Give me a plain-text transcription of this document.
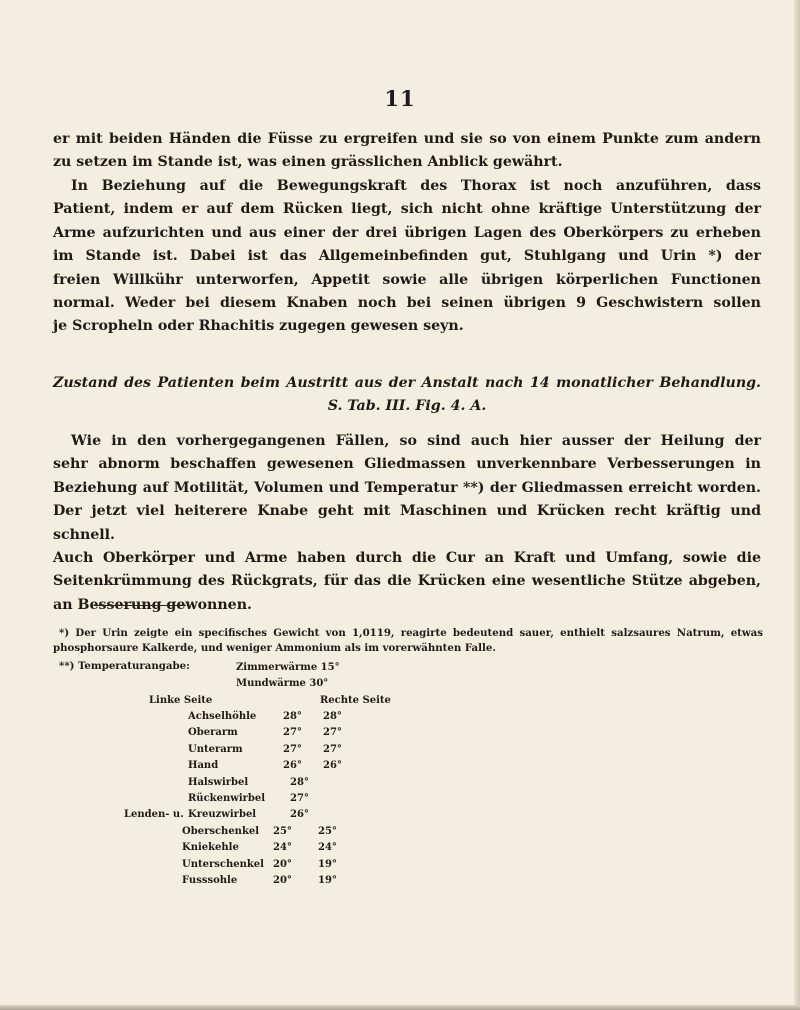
11

er mit beiden Händen die Füsse zu ergreifen und sie so von einem Punkte zum andern

zu setzen im Stande ist, was einen grässlichen Anblick gewährt.

In Beziehung auf die Bewegungskraft des Thorax ist noch anzuführen, dass

Patient, indem er auf dem Rücken liegt, sich nicht ohne kräftige Unterstützung der

Arme aufzurichten und aus einer der drei übrigen Lagen des Oberkörpers zu erheben

im Stande ist. Dabei ist das Allgemeinbefinden gut, Stuhlgang und Urin *) der

freien Willkühr unterworfen, Appetit sowie alle übrigen körperlichen Functionen

normal. Weder bei diesem Knaben noch bei seinen übrigen 9 Geschwistern sollen

je Scropheln oder Rhachitis zugegen gewesen seyn.

Zustand des Patienten beim Austritt aus der Anstalt nach 14 monatlicher Behandlung.

S. Tab. III. Fig. 4. A.

Wie in den vorhergegangenen Fällen, so sind auch hier ausser der Heilung der

sehr abnorm beschaffen gewesenen Gliedmassen unverkennbare Verbesserungen in

Beziehung auf Motilität, Volumen und Temperatur **) der Gliedmassen erreicht worden.

Der jetzt viel heiterere Knabe geht mit Maschinen und Krücken recht kräftig und schnell.

Auch Oberkörper und Arme haben durch die Cur an Kraft und Umfang, sowie die

Seitenkrümmung des Rückgrats, für das die Krücken eine wesentliche Stütze abgeben,

an Besserung gewonnen.

*) Der Urin zeigte ein specifisches Gewicht von 1,0119, reagirte bedeutend sauer, enthielt salzsaures Natrum, etwas

phosphorsaure Kalkerde, und weniger Ammonium als im vorerwähnten Falle.

**) Temperaturangabe:	Zimmerwärme 15°
Mundwärme 30°
Linke Seite	Rechte Seite
Achselhöhle	28° 28°
Oberarm	27° 27°
Unterarm	27° 27°
Hand	26° 26°
Halswirbel	28°
Rückenwirbel 27°
Lenden- u. Kreuzwirbel	26°
Oberschenkel 25°	25°
Kniekehle	24°	24°
Unterschenkel 20°	19°
Fusssohle	20°	19°
